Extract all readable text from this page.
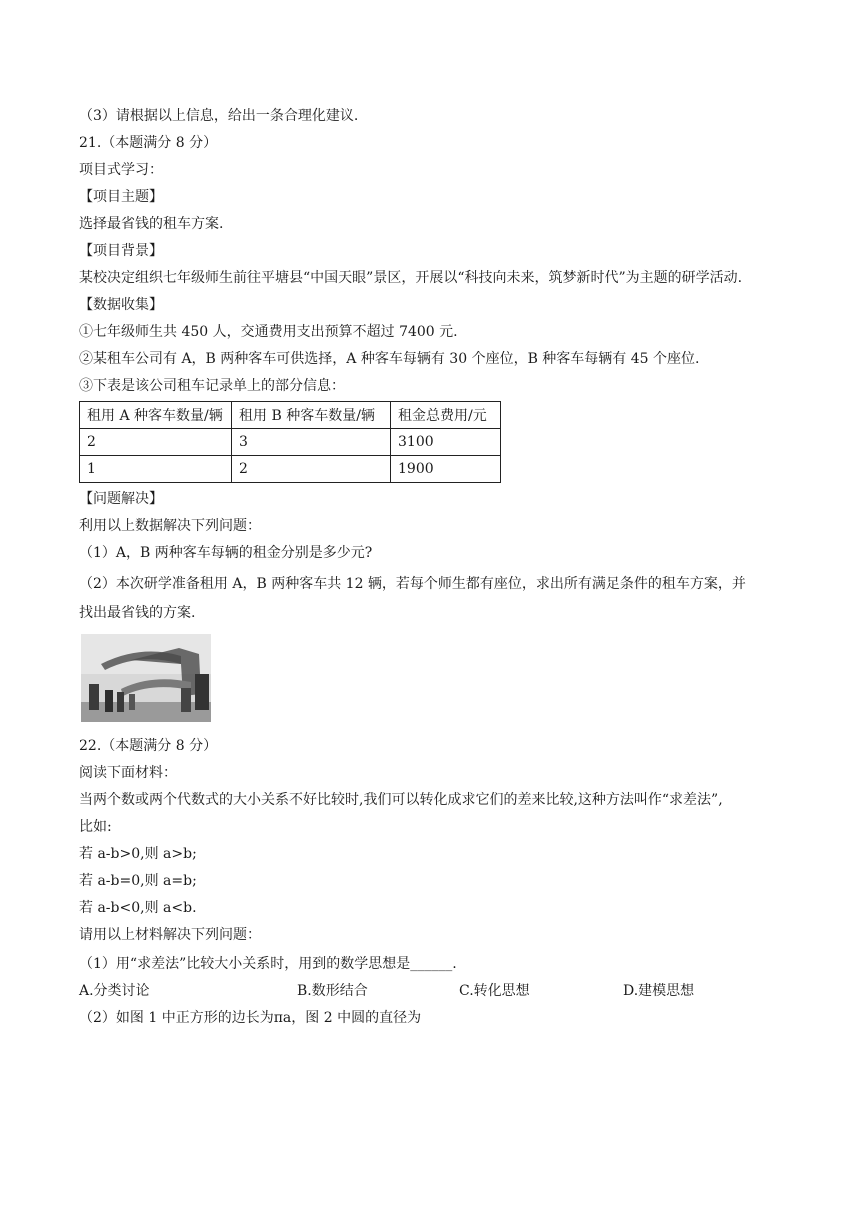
（3）请根据以上信息，给出一条合理化建议.
21.（本题满分 8 分）
项目式学习：
【项目主题】
选择最省钱的租车方案.
【项目背景】
某校决定组织七年级师生前往平塘县“中国天眼”景区，开展以“科技向未来，筑梦新时代”为主题的研学活动.
【数据收集】
①七年级师生共 450 人，交通费用支出预算不超过 7400 元.
②某租车公司有 A，B 两种客车可供选择，A 种客车每辆有 30 个座位，B 种客车每辆有 45 个座位.
③下表是该公司租车记录单上的部分信息：
租用 A 种客车数量/辆	租用 B 种客车数量/辆	租金总费用/元
2	3	3100
1	2	1900
【问题解决】
利用以上数据解决下列问题：
（1）A，B 两种客车每辆的租金分别是多少元?
（2）本次研学准备租用 A，B 两种客车共 12 辆，若每个师生都有座位，求出所有满足条件的租车方案，并
找出最省钱的方案.
22.（本题满分 8 分）
阅读下面材料：
当两个数或两个代数式的大小关系不好比较时,我们可以转化成求它们的差来比较,这种方法叫作“求差法”,
比如:
若 a-b>0,则 a>b;
若 a-b=0,则 a=b;
若 a-b<0,则 a<b.
请用以上材料解决下列问题：
（1）用“求差法”比较大小关系时，用到的数学思想是______.
A.分类讨论	B.数形结合	C.转化思想	D.建模思想
（2）如图 1 中正方形的边长为πa，图 2 中圆的直径为
